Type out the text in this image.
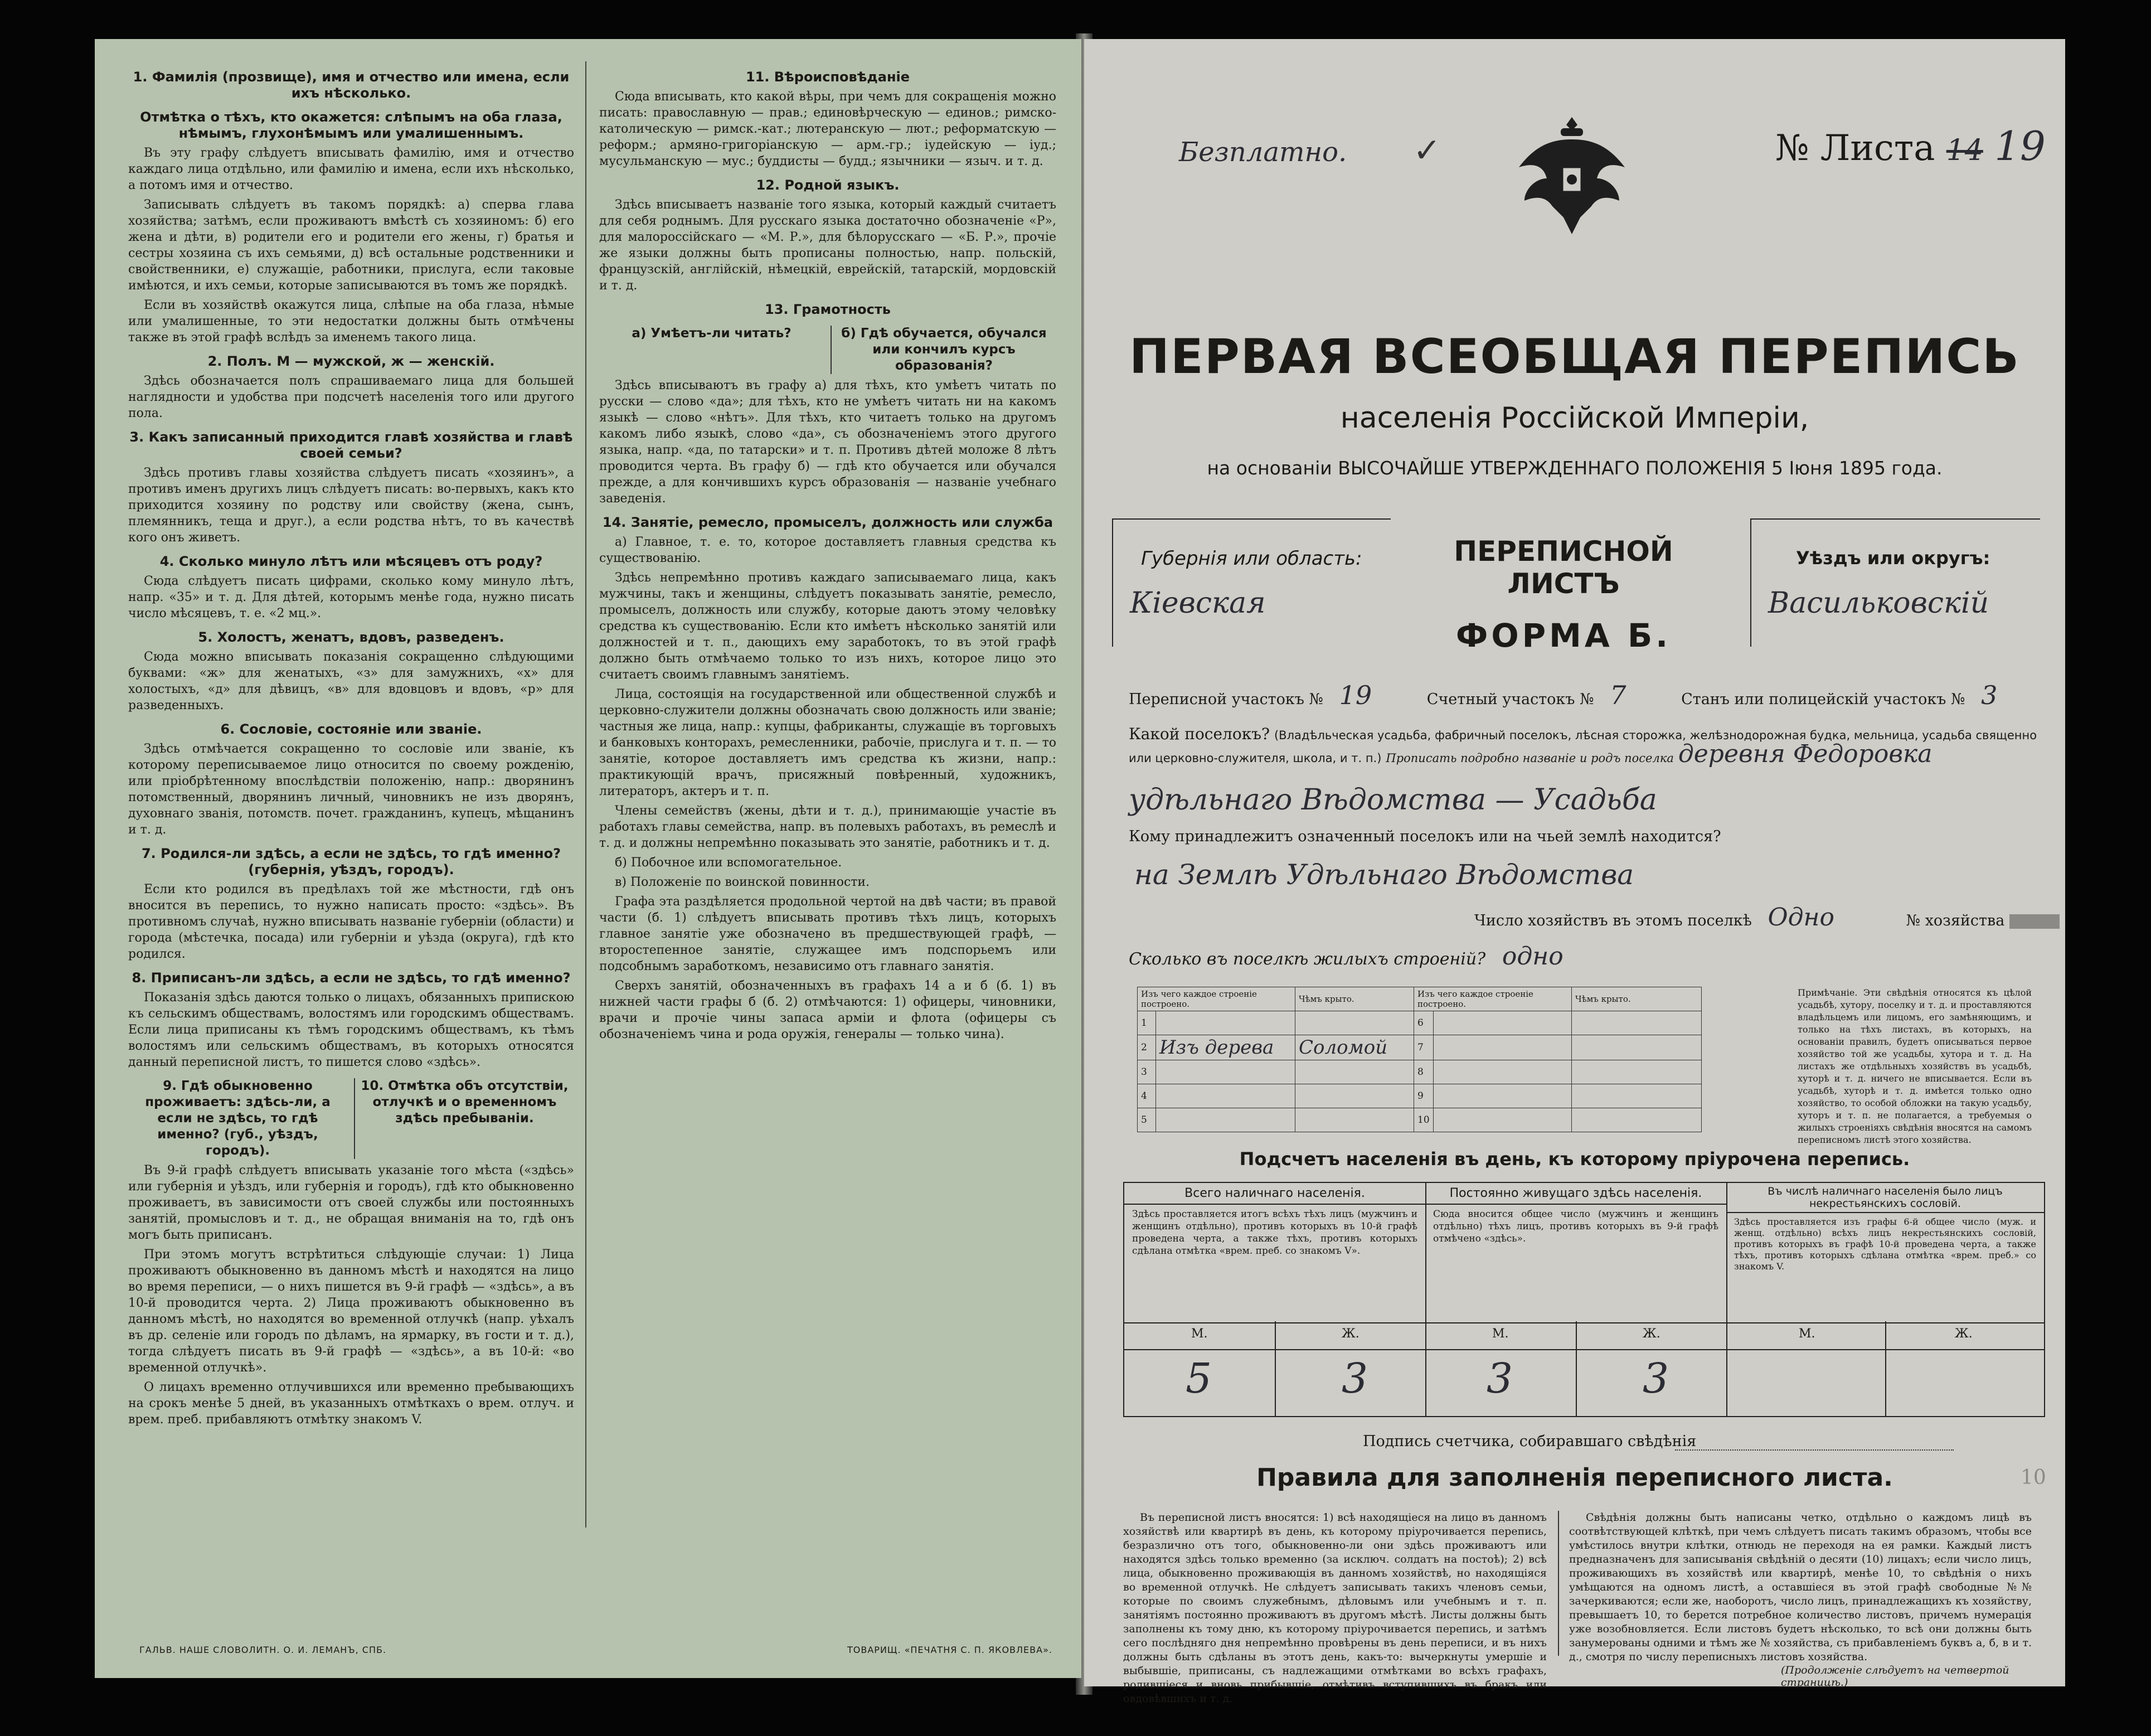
1. Фамилія (прозвище), имя и отчество или имена, если ихъ нѣсколько.
Отмѣтка о тѣхъ, кто окажется: слѣпымъ на оба глаза, нѣмымъ, глухонѣмымъ или умалишеннымъ.

Въ эту графу слѣдуетъ вписывать фамилію, имя и отчество каждаго лица отдѣльно, или фамилію и имена, если ихъ нѣсколько, а потомъ имя и отчество.

Записывать слѣдуетъ въ такомъ порядкѣ: а) сперва глава хозяйства; затѣмъ, если проживаютъ вмѣстѣ съ хозяиномъ: б) его жена и дѣти, в) родители его и родители его жены, г) братья и сестры хозяина съ ихъ семьями, д) всѣ остальные родственники и свойственники, е) служащіе, работники, прислуга, если таковые имѣются, и ихъ семьи, которые записываются въ томъ же порядкѣ.

Если въ хозяйствѣ окажутся лица, слѣпые на оба глаза, нѣмые или умалишенные, то эти недостатки должны быть отмѣчены также въ этой графѣ вслѣдъ за именемъ такого лица.

2. Полъ. М — мужской, ж — женскій.

Здѣсь обозначается полъ спрашиваемаго лица для большей наглядности и удобства при подсчетѣ населенія того или другого пола.

3. Какъ записанный приходится главѣ хозяйства и главѣ своей семьи?

Здѣсь противъ главы хозяйства слѣдуетъ писать «хозяинъ», а противъ именъ другихъ лицъ слѣдуетъ писать: во-первыхъ, какъ кто приходится хозяину по родству или свойству (жена, сынъ, племянникъ, теща и друг.), а если родства нѣтъ, то въ качествѣ кого онъ живетъ.

4. Сколько минуло лѣтъ или мѣсяцевъ отъ роду?

Сюда слѣдуетъ писать цифрами, сколько кому минуло лѣтъ, напр. «35» и т. д. Для дѣтей, которымъ менѣе года, нужно писать число мѣсяцевъ, т. е. «2 мц.».

5. Холостъ, женатъ, вдовъ, разведенъ.

Сюда можно вписывать показанія сокращенно слѣдующими буквами: «ж» для женатыхъ, «з» для замужнихъ, «х» для холостыхъ, «д» для дѣвицъ, «в» для вдовцовъ и вдовъ, «р» для разведенныхъ.

6. Сословіе, состояніе или званіе.

Здѣсь отмѣчается сокращенно то сословіе или званіе, къ которому переписываемое лицо относится по своему рожденію, или пріобрѣтенному впослѣдствіи положенію, напр.: дворянинъ потомственный, дворянинъ личный, чиновникъ не изъ дворянъ, духовнаго званія, потомств. почет. гражданинъ, купецъ, мѣщанинъ и т. д.

7. Родился-ли здѣсь, а если не здѣсь, то гдѣ именно? (губернія, уѣздъ, городъ).

Если кто родился въ предѣлахъ той же мѣстности, гдѣ онъ вносится въ перепись, то нужно написать просто: «здѣсь». Въ противномъ случаѣ, нужно вписывать названіе губерніи (области) и города (мѣстечка, посада) или губерніи и уѣзда (округа), гдѣ кто родился.

8. Приписанъ-ли здѣсь, а если не здѣсь, то гдѣ именно?

Показанія здѣсь даются только о лицахъ, обязанныхъ припискою къ сельскимъ обществамъ, волостямъ или городскимъ обществамъ. Если лица приписаны къ тѣмъ городскимъ обществамъ, къ тѣмъ волостямъ или сельскимъ обществамъ, въ которыхъ относятся данный переписной листъ, то пишется слово «здѣсь».

9. Гдѣ обыкновенно проживаетъ: здѣсь-ли, а если не здѣсь, то гдѣ именно? (губ., уѣздъ, городъ).
10. Отмѣтка объ отсутствіи, отлучкѣ и о временномъ здѣсь пребываніи.

Въ 9-й графѣ слѣдуетъ вписывать указаніе того мѣста («здѣсь» или губернія и уѣздъ, или губернія и городъ), гдѣ кто обыкновенно проживаетъ, въ зависимости отъ своей службы или постоянныхъ занятій, промысловъ и т. д., не обращая вниманія на то, гдѣ онъ могъ быть приписанъ.

При этомъ могутъ встрѣтиться слѣдующіе случаи: 1) Лица проживаютъ обыкновенно въ данномъ мѣстѣ и находятся на лицо во время переписи, — о нихъ пишется въ 9-й графѣ — «здѣсь», а въ 10-й проводится черта. 2) Лица проживаютъ обыкновенно въ данномъ мѣстѣ, но находятся во временной отлучкѣ (напр. уѣхалъ въ др. селеніе или городъ по дѣламъ, на ярмарку, въ гости и т. д.), тогда слѣдуетъ писать въ 9-й графѣ — «здѣсь», а въ 10-й: «во временной отлучкѣ».

О лицахъ временно отлучившихся или временно пребывающихъ на срокъ менѣе 5 дней, въ указанныхъ отмѣткахъ о врем. отлуч. и врем. преб. прибавляютъ отмѣтку знакомъ V.

11. Вѣроисповѣданіе

Сюда вписывать, кто какой вѣры, при чемъ для сокращенія можно писать: православную — прав.; единовѣрческую — единов.; римско-католическую — римск.-кат.; лютеранскую — лют.; реформатскую — реформ.; армяно-григоріанскую — арм.-гр.; іудейскую — іуд.; мусульманскую — мус.; буддисты — будд.; язычники — языч. и т. д.

12. Родной языкъ.

Здѣсь вписываетъ названіе того языка, который каждый считаетъ для себя роднымъ. Для русскаго языка достаточно обозначеніе «Р», для малороссійскаго — «М. Р.», для бѣлорусскаго — «Б. Р.», прочіе же языки должны быть прописаны полностью, напр. польскій, французскій, англійскій, нѣмецкій, еврейскій, татарскій, мордовскій и т. д.

13. Грамотность
а) Умѣетъ-ли читать?	б) Гдѣ обучается, обучался или кончилъ курсъ образованія?

Здѣсь вписываютъ въ графу а) для тѣхъ, кто умѣетъ читать по русски — слово «да»; для тѣхъ, кто не умѣетъ читать ни на какомъ языкѣ — слово «нѣтъ». Для тѣхъ, кто читаетъ только на другомъ какомъ либо языкѣ, слово «да», съ обозначеніемъ этого другого языка, напр. «да, по татарски» и т. п. Противъ дѣтей моложе 8 лѣтъ проводится черта. Въ графу б) — гдѣ кто обучается или обучался прежде, а для кончившихъ курсъ образованія — названіе учебнаго заведенія.

14. Занятіе, ремесло, промыселъ, должность или служба

а) Главное, т. е. то, которое доставляетъ главныя средства къ существованію.

Здѣсь непремѣнно противъ каждаго записываемаго лица, какъ мужчины, такъ и женщины, слѣдуетъ показывать занятіе, ремесло, промыселъ, должность или службу, которые даютъ этому человѣку средства къ существованію. Если кто имѣетъ нѣсколько занятій или должностей и т. п., дающихъ ему заработокъ, то въ этой графѣ должно быть отмѣчаемо только то изъ нихъ, которое лицо это считаетъ своимъ главнымъ занятіемъ.

Лица, состоящія на государственной или общественной службѣ и церковно-служители должны обозначать свою должность или званіе; частныя же лица, напр.: купцы, фабриканты, служащіе въ торговыхъ и банковыхъ конторахъ, ремесленники, рабочіе, прислуга и т. п. — то занятіе, которое доставляетъ имъ средства къ жизни, напр.: практикующій врачъ, присяжный повѣренный, художникъ, литераторъ, актеръ и т. п.

Члены семействъ (жены, дѣти и т. д.), принимающіе участіе въ работахъ главы семейства, напр. въ полевыхъ работахъ, въ ремеслѣ и т. д. и должны непремѣнно показывать это занятіе, работникъ и т. д.

б) Побочное или вспомогательное.

в) Положеніе по воинской повинности.

Графа эта раздѣляется продольной чертой на двѣ части; въ правой части (б. 1) слѣдуетъ вписывать противъ тѣхъ лицъ, которыхъ главное занятіе уже обозначено въ предшествующей графѣ, — второстепенное занятіе, служащее имъ подспорьемъ или подсобнымъ заработкомъ, независимо отъ главнаго занятія.

Сверхъ занятій, обозначенныхъ въ графахъ 14 а и б (б. 1) въ нижней части графы б (б. 2) отмѣчаются: 1) офицеры, чиновники, врачи и прочіе чины запаса арміи и флота (офицеры съ обозначеніемъ чина и рода оружія, генералы — только чина).

ГАЛЬВ. НАШЕ СЛОВОЛИТН. О. И. ЛЕМАНЪ, СПБ.	ТОВАРИЩ. «ПЕЧАТНЯ С. П. ЯКОВЛЕВА».
Безплатно. ✓	№ Листа 14 19
ПЕРВАЯ ВСЕОБЩАЯ ПЕРЕПИСЬ
населенія Россійской Имперіи,
на основаніи ВЫСОЧАЙШЕ УТВЕРЖДЕННАГО ПОЛОЖЕНІЯ 5 Іюня 1895 года.
Губернія или область:
Кіевская
ПЕРЕПИСНОЙ ЛИСТЪ
ФОРМА Б.
Уѣздъ или округъ:
Васильковскій
Переписной участокъ № 19	Счетный участокъ № 7	Станъ или полицейскій участокъ № 3
Какой поселокъ? (Владѣльческая усадьба, фабричный поселокъ, лѣсная сторожка, желѣзнодорожная будка, мельница, усадьба священно или церковно-служителя, школа, и т. п.) Прописать подробно названіе и родъ поселка деревня Федоровка
удѣльнаго Вѣдомства — Усадьба
Кому принадлежитъ означенный поселокъ или на чьей землѣ находится?
на Землѣ Удѣльнаго Вѣдомства
Число хозяйствъ въ этомъ поселкѣ Одно	№ хозяйства
Сколько въ поселкѣ жилыхъ строеній? одно
Изъ чего каждое строеніе построено.		Чѣмъ крыто.	Изъ чего каждое строеніе построено.		Чѣмъ крыто.
1			6		
2	Изъ дерева	Соломой	7		
3			8		
4			9		
5			10		
Примѣчаніе. Эти свѣдѣнія относятся къ цѣлой усадьбѣ, хутору, поселку и т. д. и проставляются владѣльцемъ или лицомъ, его замѣняющимъ, и только на тѣхъ листахъ, въ которыхъ, на основаніи правилъ, будетъ описываться первое хозяйство той же усадьбы, хутора и т. д. На листахъ же отдѣльныхъ хозяйствъ въ усадьбѣ, хуторѣ и т. д. ничего не вписывается. Если въ усадьбѣ, хуторѣ и т. д. имѣется только одно хозяйство, то особой обложки на такую усадьбу, хуторъ и т. п. не полагается, а требуемыя о жилыхъ строеніяхъ свѣдѣнія вносятся на самомъ переписномъ листѣ этого хозяйства.
Подсчетъ населенія въ день, къ которому пріурочена перепись.
Всего наличнаго населенія.
Здѣсь проставляется итогъ всѣхъ тѣхъ лицъ (мужчинъ и женщинъ отдѣльно), противъ которыхъ въ 10-й графѣ проведена черта, а также тѣхъ, противъ которыхъ сдѣлана отмѣтка «врем. преб. со знакомъ V».
Постоянно живущаго здѣсь населенія.
Сюда вносится общее число (мужчинъ и женщинъ отдѣльно) тѣхъ лицъ, противъ которыхъ въ 9-й графѣ отмѣчено «здѣсь».
Въ числѣ наличнаго населенія было лицъ некрестьянскихъ сословій.
Здѣсь проставляется изъ графы 6-й общее число (муж. и женщ. отдѣльно) всѣхъ лицъ некрестьянскихъ сословій, противъ которыхъ въ графѣ 10-й проведена черта, а также тѣхъ, противъ которыхъ сдѣлана отмѣтка «врем. преб.» со знакомъ V.
М.	Ж.	М.	Ж.	М.	Ж.
5	3	3	3
Подпись счетчика, собиравшаго свѣдѣнія
10
Правила для заполненія переписного листа.
Въ переписной листъ вносятся: 1) всѣ находящіеся на лицо въ данномъ хозяйствѣ или квартирѣ въ день, къ которому пріурочивается перепись, безразлично отъ того, обыкновенно-ли они здѣсь проживаютъ или находятся здѣсь только временно (за исключ. солдатъ на постоѣ); 2) всѣ лица, обыкновенно проживающія въ данномъ хозяйствѣ, но находящіяся во временной отлучкѣ. Не слѣдуетъ записывать такихъ членовъ семьи, которые по своимъ служебнымъ, дѣловымъ или учебнымъ и т. п. занятіямъ постоянно проживаютъ въ другомъ мѣстѣ. Листы должны быть заполнены къ тому дню, къ которому пріурочивается перепись, и затѣмъ сего послѣдняго дня непремѣнно провѣрены въ день переписи, и въ нихъ должны быть сдѣланы въ этотъ день, какъ-то: вычеркнуты умершіе и выбывшіе, приписаны, съ надлежащими отмѣтками во всѣхъ графахъ, родившіеся и вновь прибывшіе, отмѣтивъ вступившихъ въ бракъ или овдовѣвшихъ и т. д.
Свѣдѣнія должны быть написаны четко, отдѣльно о каждомъ лицѣ въ соотвѣтствующей клѣткѣ, при чемъ слѣдуетъ писать такимъ образомъ, чтобы все умѣстилось внутри клѣтки, отнюдь не переходя на ея рамки. Каждый листъ предназначенъ для записыванія свѣдѣній о десяти (10) лицахъ; если число лицъ, проживающихъ въ хозяйствѣ или квартирѣ, менѣе 10, то свѣдѣнія о нихъ умѣщаются на одномъ листѣ, а оставшіеся въ этой графѣ свободные №№ зачеркиваются; если же, наоборотъ, число лицъ, принадлежащихъ къ хозяйству, превышаетъ 10, то берется потребное количество листовъ, причемъ нумерація уже возобновляется. Если листовъ будетъ нѣсколько, то всѣ они должны быть занумерованы одними и тѣмъ же № хозяйства, съ прибавленіемъ буквъ а, б, в и т. д., смотря по числу переписныхъ листовъ хозяйства.
(Продолженіе слѣдуетъ на четвертой страницѣ.)
